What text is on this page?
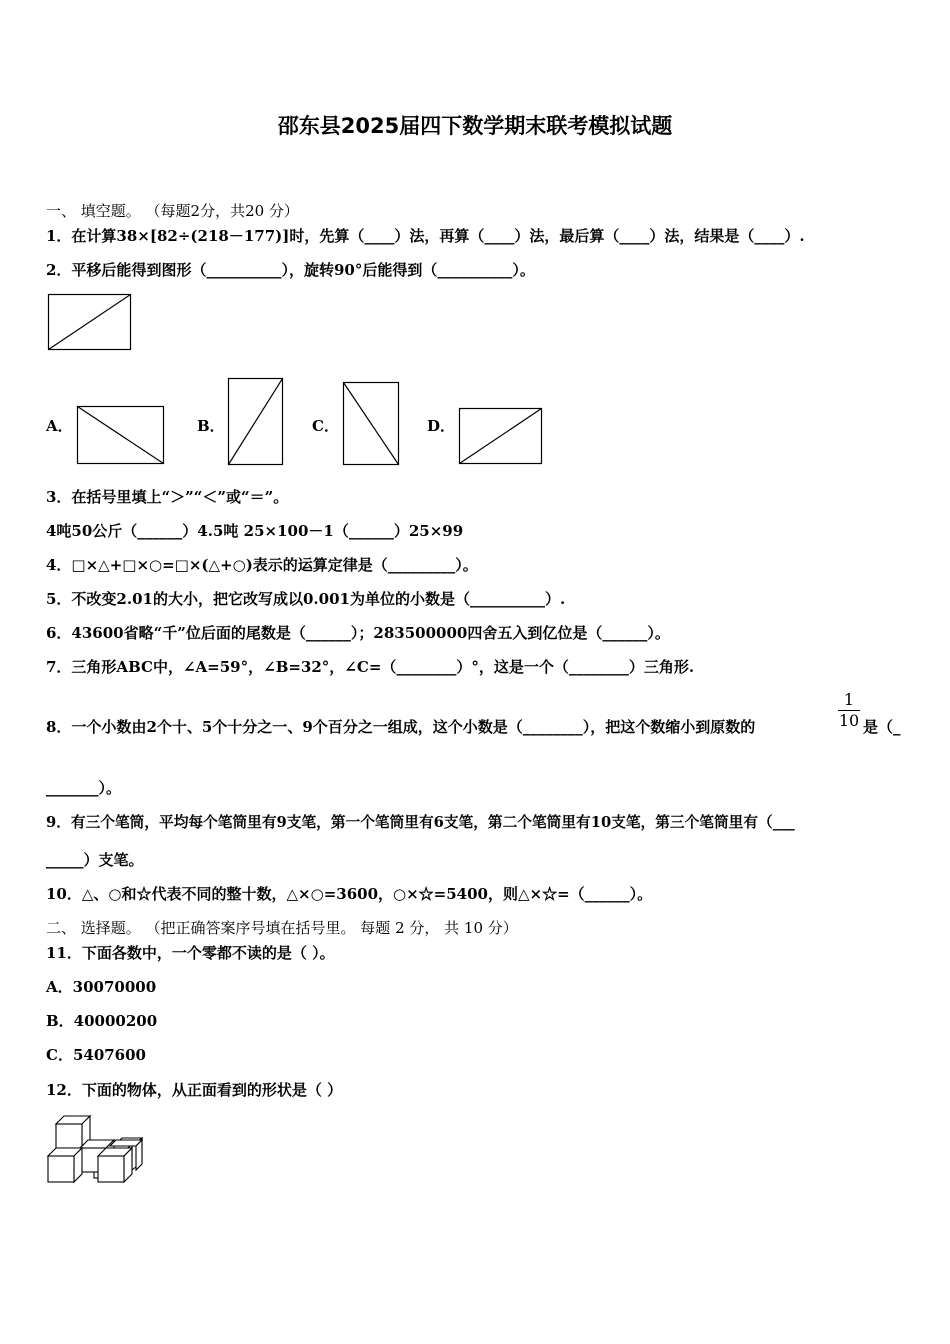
邵东县2025届四下数学期末联考模拟试题
一、 填空题。 （每题2分，共20 分）
1．在计算38×[82÷(218－177)]时，先算（____）法，再算（____）法，最后算（____）法，结果是（____）.
2．平移后能得到图形（__________），旋转90°后能得到（__________）。
A．	B．	C．	D．
3．在括号里填上“＞”“＜”或“＝”。
4吨50公斤（______）4.5吨 25×100－1（______）25×99
4．□×△+□×○=□×(△+○)表示的运算定律是（_________）。
5．不改变2.01的大小，把它改写成以0.001为单位的小数是（__________）.
6．43600省略“千”位后面的尾数是（______）；283500000四舍五入到亿位是（______）。
7．三角形ABC中，∠A=59°，∠B=32°，∠C=（________）°，这是一个（________）三角形.
8．一个小数由2个十、5个十分之一、9个百分之一组成，这个小数是（________），把这个数缩小到原数的
1
10 是（_
_______）。
9．有三个笔筒，平均每个笔筒里有9支笔，第一个笔筒里有6支笔，第二个笔筒里有10支笔，第三个笔筒里有（___
_____）支笔。
10．△、○和☆代表不同的整十数，△×○=3600，○×☆=5400，则△×☆=（______）。
二、 选择题。 （把正确答案序号填在括号里。 每题 2 分， 共 10 分）
11．下面各数中，一个零都不读的是（ ）。
A．30070000
B．40000200
C．5407600
12．下面的物体，从正面看到的形状是（ ）
